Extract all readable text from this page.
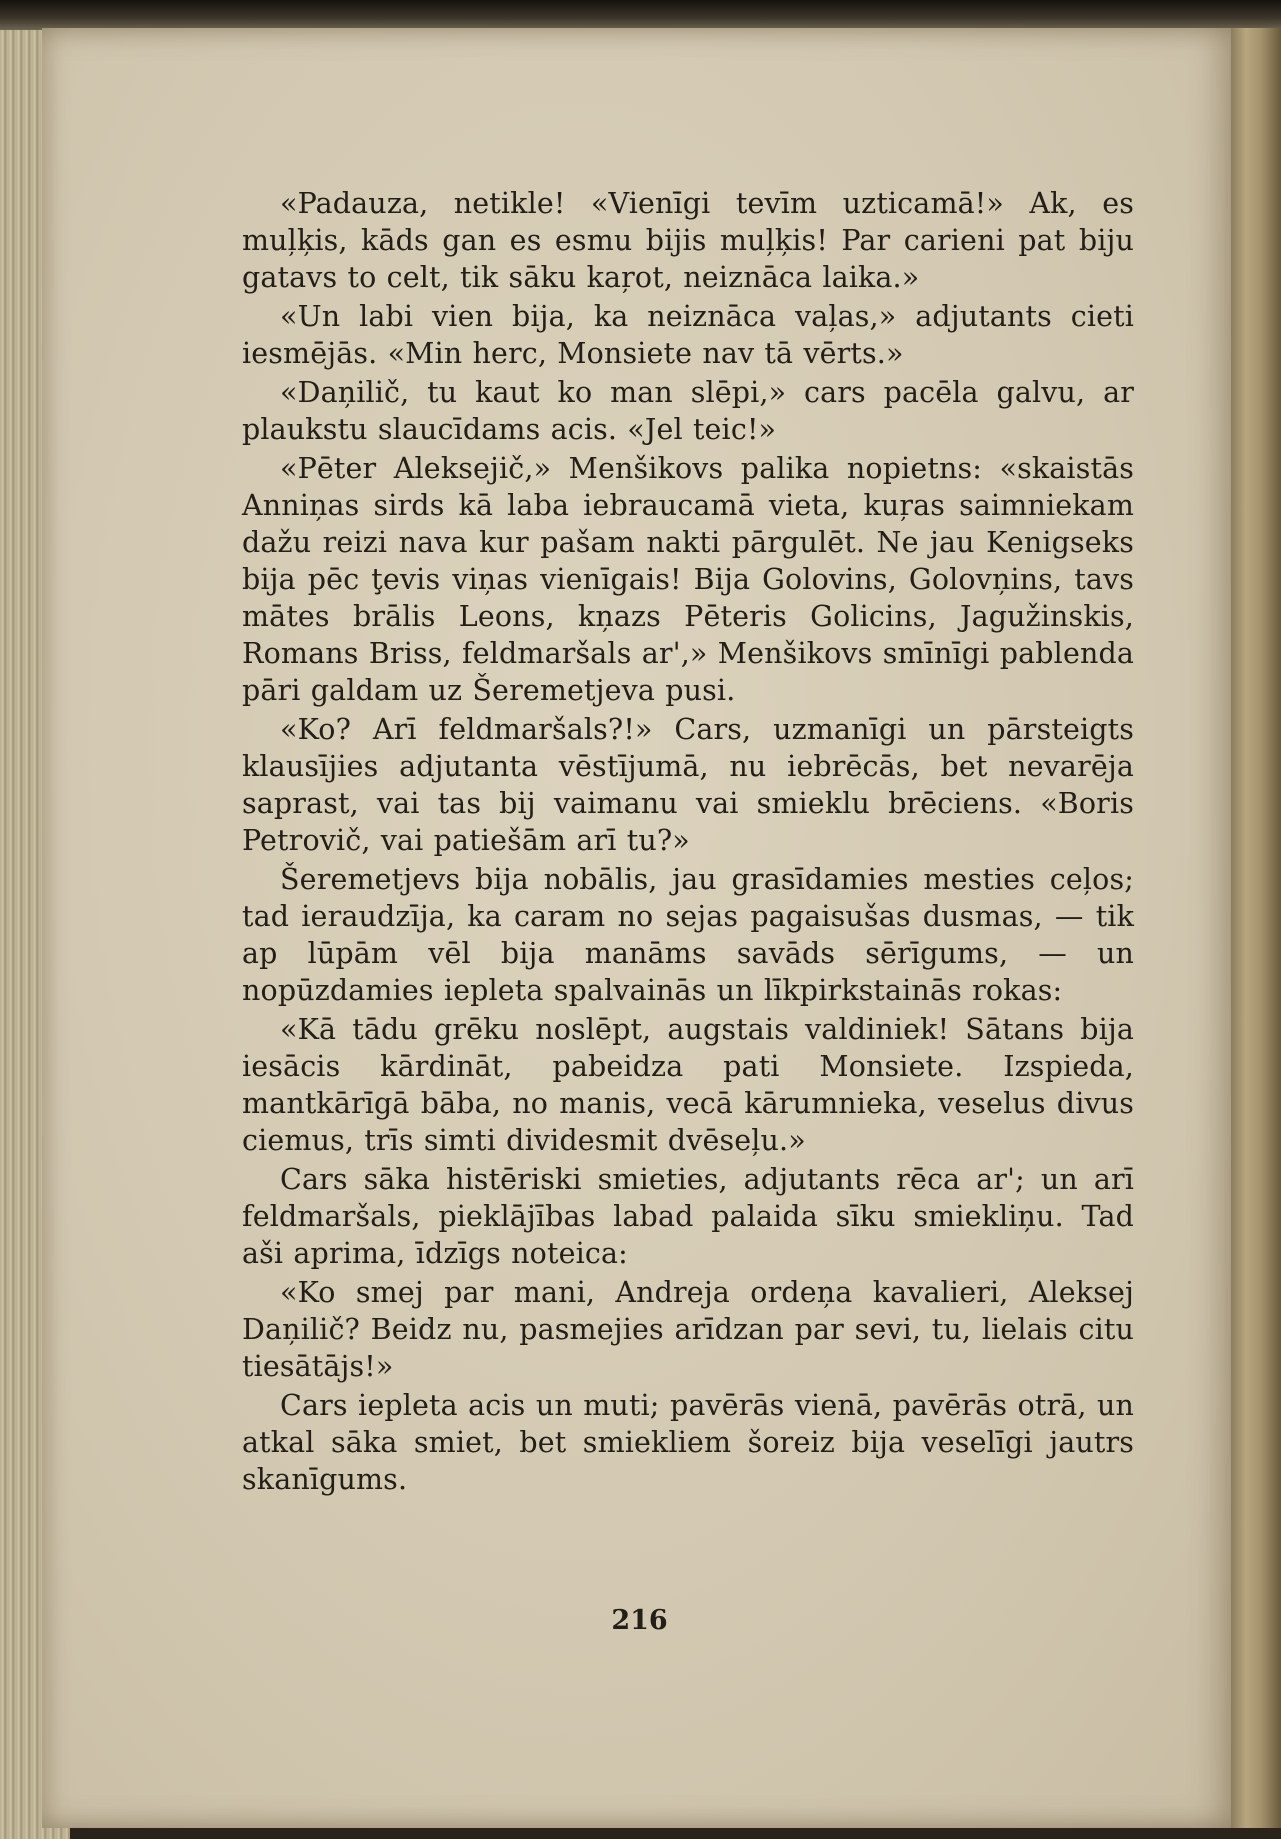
«Padauza, netikle! «Vienīgi tevīm uzticamā!» Ak, es muļķis, kāds gan es esmu bijis muļķis! Par carieni pat biju gatavs to celt, tik sāku kaŗot, neiznāca laika.»

«Un labi vien bija, ka neiznāca vaļas,» adjutants cieti iesmējās. «Min herc, Monsiete nav tā vērts.»

«Daņilič, tu kaut ko man slēpi,» cars pacēla galvu, ar plaukstu slaucīdams acis. «Jel teic!»

«Pēter Aleksejič,» Menšikovs palika nopietns: «skaistās Anniņas sirds kā laba iebraucamā vieta, kuŗas saimniekam dažu reizi nava kur pašam nakti pārgulēt. Ne jau Kenigseks bija pēc ţevis viņas vienīgais! Bija Golovins, Golovņins, tavs mātes brālis Leons, kņazs Pēteris Golicins, Jagužinskis, Romans Briss, feldmaršals ar',» Menšikovs smīnīgi pablenda pāri galdam uz Šeremetjeva pusi.

«Ko? Arī feldmaršals?!» Cars, uzmanīgi un pārsteigts klausījies adjutanta vēstījumā, nu iebrēcās, bet nevarēja saprast, vai tas bij vaimanu vai smieklu brēciens. «Boris Petrovič, vai patiešām arī tu?»

Šeremetjevs bija nobālis, jau grasīdamies mesties ceļos; tad ieraudzīja, ka caram no sejas pagaisušas dusmas, — tik ap lūpām vēl bija manāms savāds sērīgums, — un nopūzdamies iepleta spalvainās un līkpirkstainās rokas:

«Kā tādu grēku noslēpt, augstais valdiniek! Sātans bija iesācis kārdināt, pabeidza pati Monsiete. Izspieda, mantkārīgā bāba, no manis, vecā kārumnieka, veselus divus ciemus, trīs simti dividesmit dvēseļu.»

Cars sāka histēriski smieties, adjutants rēca ar'; un arī feldmaršals, pieklājības labad palaida sīku smiekliņu. Tad aši aprima, īdzīgs noteica:

«Ko smej par mani, Andreja ordeņa kavalieri, Aleksej Daņilič? Beidz nu, pasmejies arīdzan par sevi, tu, lielais citu tiesātājs!»

Cars iepleta acis un muti; pavērās vienā, pavērās otrā, un atkal sāka smiet, bet smiekliem šoreiz bija veselīgi jautrs skanīgums.

216
